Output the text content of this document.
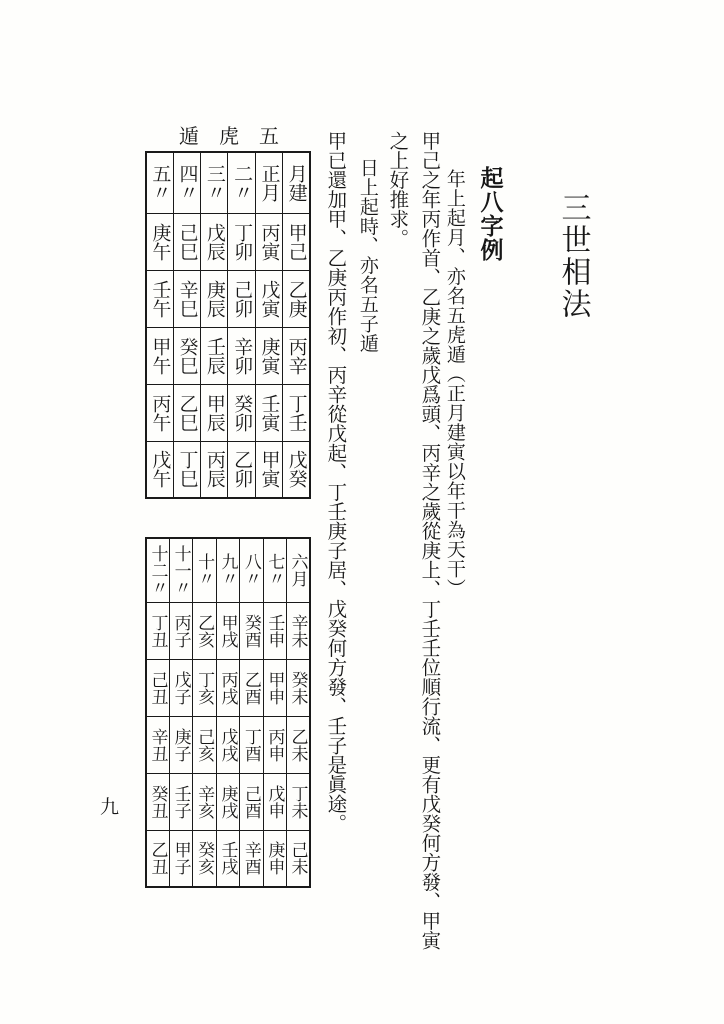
三世相法
起八字例
年上起月、亦名五虎遁（正月建寅以年干為天干）
甲己之年丙作首、乙庚之歲戊爲頭、丙辛之歲從庚上、丁壬壬位順行流、更有戊癸何方發、甲寅
之上好推求。
日上起時、亦名五子遁
甲已還加甲、乙庚丙作初、丙辛從戊起、丁壬庚子居、戊癸何方發、壬子是眞途。
遁　虎　五
五〃	四〃	三〃	二〃	正月	月建
庚午	己巳	戊辰	丁卯	丙寅	甲己
壬午	辛巳	庚辰	己卯	戊寅	乙庚
甲午	癸巳	壬辰	辛卯	庚寅	丙辛
丙午	乙巳	甲辰	癸卯	壬寅	丁壬
戊午	丁巳	丙辰	乙卯	甲寅	戊癸
十二〃	十一〃	十〃	九〃	八〃	七〃	六月
丁丑	丙子	乙亥	甲戌	癸酉	壬申	辛未
己丑	戊子	丁亥	丙戌	乙酉	甲申	癸未
辛丑	庚子	己亥	戊戌	丁酉	丙申	乙未
癸丑	壬子	辛亥	庚戌	己酉	戊申	丁未
乙丑	甲子	癸亥	壬戌	辛酉	庚申	己未
九
